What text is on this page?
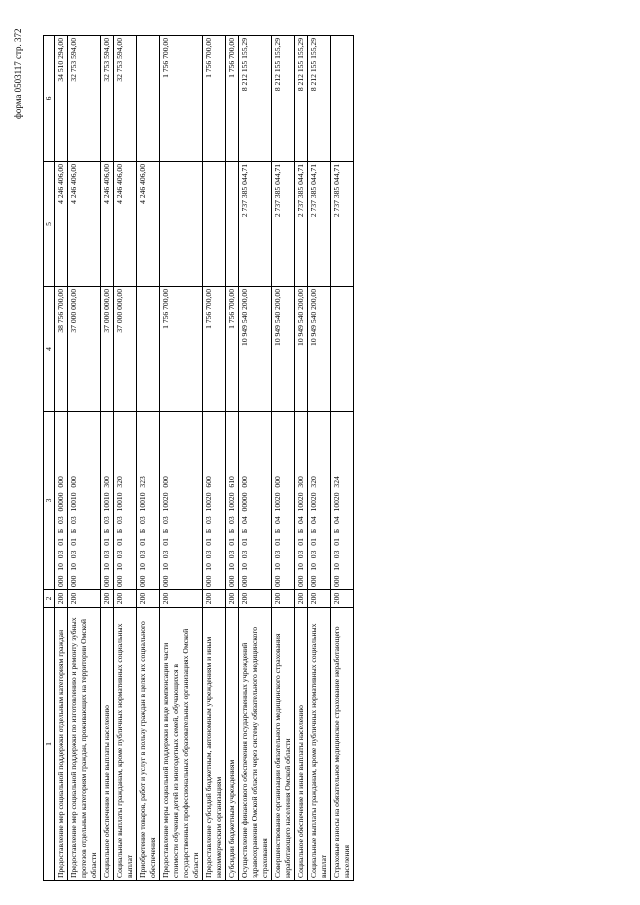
форма 0503117 стр. 372
1	2	3	4	5	6
Предоставление мер социальной поддержки отдельным категориям граждан	200	000 10 03 01 Б 03 00000 000	38 756 700,00	4 246 406,00	34 510 294,00
Предоставление мер социальной поддержки по изготовлению и ремонту зубных протезов отдельным категориям граждан, проживающих на территории Омской области	200	000 10 03 01 Б 03 10010 000	37 000 000,00	4 246 406,00	32 753 594,00
Социальное обеспечение и иные выплаты населению	200	000 10 03 01 Б 03 10010 300	37 000 000,00	4 246 406,00	32 753 594,00
Социальные выплаты гражданам, кроме публичных нормативных социальных выплат	200	000 10 03 01 Б 03 10010 320	37 000 000,00	4 246 406,00	32 753 594,00
Приобретение товаров, работ и услуг в пользу граждан в целях их социального обеспечения	200	000 10 03 01 Б 03 10010 323		4 246 406,00	
Предоставление меры социальной поддержки в виде компенсации части стоимости обучения детей из многодетных семей, обучающихся в государственных профессиональных образовательных организациях Омской области	200	000 10 03 01 Б 03 10020 000	1 756 700,00		1 756 700,00
Предоставление субсидий бюджетным, автономным учреждениям и иным некоммерческим организациям	200	000 10 03 01 Б 03 10020 600	1 756 700,00		1 756 700,00
Субсидии бюджетным учреждениям	200	000 10 03 01 Б 03 10020 610	1 756 700,00		1 756 700,00
Осуществление финансового обеспечения государственных учреждений здравоохранения Омской области через систему обязательного медицинского страхования	200	000 10 03 01 Б 04 00000 000	10 949 540 200,00	2 737 385 044,71	8 212 155 155,29
Совершенствование организации обязательного медицинского страхования неработающего населения Омской области	200	000 10 03 01 Б 04 10020 000	10 949 540 200,00	2 737 385 044,71	8 212 155 155,29
Социальное обеспечение и иные выплаты населению	200	000 10 03 01 Б 04 10020 300	10 949 540 200,00	2 737 385 044,71	8 212 155 155,29
Социальные выплаты гражданам, кроме публичных нормативных социальных выплат	200	000 10 03 01 Б 04 10020 320	10 949 540 200,00	2 737 385 044,71	8 212 155 155,29
Страховые взносы на обязательное медицинское страхование неработающего населения	200	000 10 03 01 Б 04 10020 324		2 737 385 044,71	
